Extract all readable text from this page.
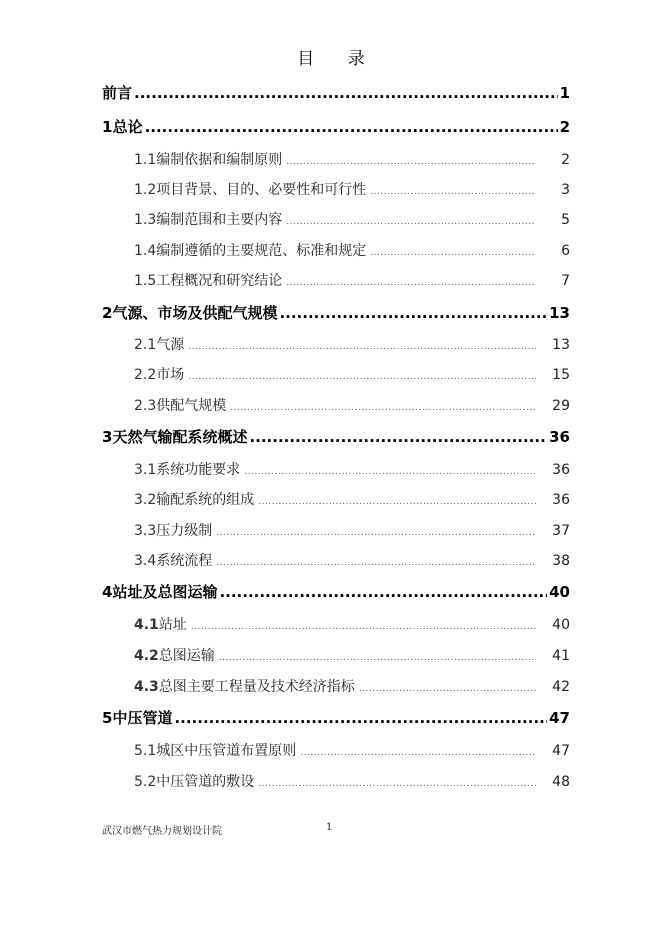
目 录
前 言 .....	1
1 总论 .....	2
1.1 编制依据和编制原则 .....	2
1.2 项目背景、目的、必要性和可行性 .....	3
1.3 编制范围和主要内容 .....	5
1.4 编制遵循的主要规范、标准和规定 .....	6
1.5 工程概况和研究结论 .....	7
2 气源、市场及供配气规模 .....	13
2.1 气源 .....	13
2.2 市场 .....	15
2.3 供配气规模 .....	29
3 天然气输配系统概述 .....	36
3.1 系统功能要求 .....	36
3.2 输配系统的组成 .....	36
3.3 压力级制 .....	37
3.4 系统流程 .....	38
4 站址及总图运输 .....	40
4.1 站址 .....	40
4.2 总图运输 .....	41
4.3 总图主要工程量及技术经济指标 .....	42
5 中压管道 .....	47
5.1 城区中压管道布置原则 .....	47
5.2 中压管道的敷设 .....	48
武汉市燃气热力规划设计院	1
